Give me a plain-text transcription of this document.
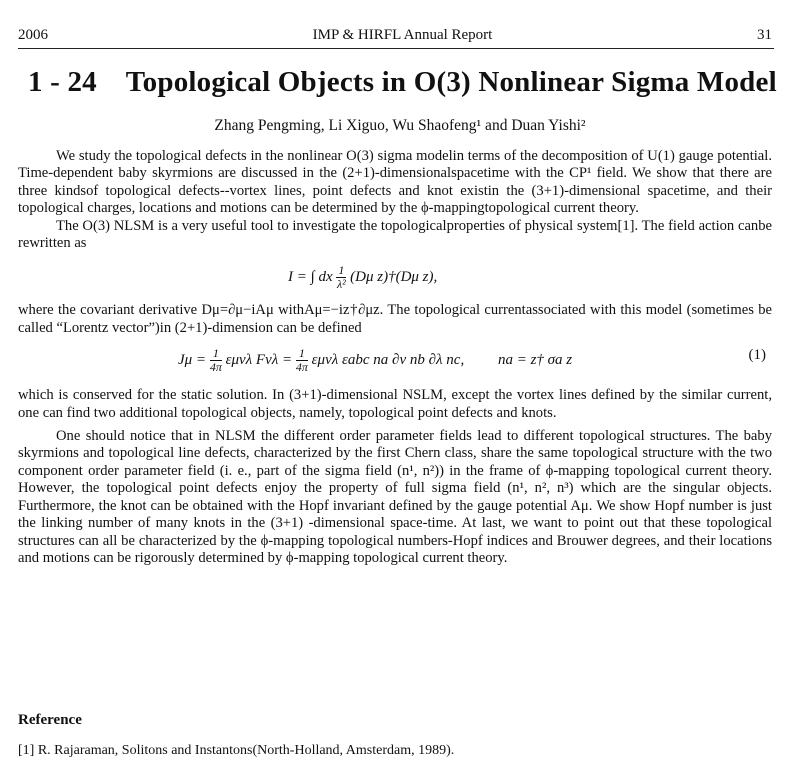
2006	IMP & HIRFL Annual Report	31
1 - 24 Topological Objects in O(3) Nonlinear Sigma Model
Zhang Pengming, Li Xiguo, Wu Shaofeng¹ and Duan Yishi²

We study the topological defects in the nonlinear O(3) sigma modelin terms of the decomposition of U(1) gauge potential. Time-dependent baby skyrmions are discussed in the (2+1)-dimensionalspacetime with the CP¹ field. We show that there are three kindsof topological defects--vortex lines, point defects and knot existin the (3+1)-dimensional spacetime, and their topological charges, locations and motions can be determined by the ϕ-mappingtopological current theory.

The O(3) NLSM is a very useful tool to investigate the topologicalproperties of physical system[1]. The field action canbe rewritten as

I = ∫ dx $\frac{1}{\text{λ²}} (D\mu$ z)†(Dμ z),

where the covariant derivative Dμ=∂μ−iAμ withAμ=−iz†∂μz. The topological currentassociated with this model (sometimes be called “Lorentz vector”)in (2+1)-dimension can be defined

$J\mu = \frac{1}{4\pi}$ εμνλ $F\nu\lambda = \frac{1}{4\pi}$ εμνλ εabc na ∂ν nb ∂λ nc, na = z† σa z	(1)

which is conserved for the static solution. In (3+1)-dimensional NSLM, except the vortex lines defined by the similar current, one can find two additional topological objects, namely, topological point defects and knots.

One should notice that in NLSM the different order parameter fields lead to different topological structures. The baby skyrmions and topological line defects, characterized by the first Chern class, share the same topological structure with the two component order parameter field (i. e., part of the sigma field (n¹, n²)) in the frame of ϕ-mapping topological current theory. However, the topological point defects enjoy the property of full sigma field (n¹, n², n³) which are the singular objects. Furthermore, the knot can be obtained with the Hopf invariant defined by the gauge potential Aμ. We show Hopf number is just the linking number of many knots in the (3+1) -dimensional space-time. At last, we want to point out that these topological structures can all be characterized by the ϕ-mapping topological numbers-Hopf indices and Brouwer degrees, and their locations and motions can be rigorously determined by ϕ-mapping topological current theory.

Reference
[1] R. Rajaraman, Solitons and Instantons(North-Holland, Amsterdam, 1989).
